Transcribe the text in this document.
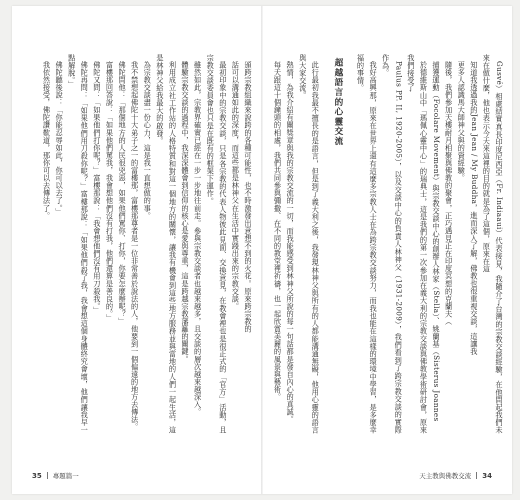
頒跨宗教組織來說跨的各種可能性，也不時激發出意想不到的火花。原來跨宗教的

話可以溝通如此的深度，而這些都是林神父在生活中實踐出來的宗教交談。

最初印象中的宗教交談，只是各宗教的代表人物彼此見面、交換意見，在教會裡也是很正式的「官方」活動，且宗教交談委員會也只是在既有的框架下運作。

雖然如此，宗教界確實已經在一步一步地往前走。參與宗教交談者也越來越多，且交談的層次越來越深入。

體驗宗教交談的過程中，我深深體會到信仰的核心是愛與尊重，這是跨越宗教藩籬的關鍵。

利用成立社工作站的人格特質和對這一個地方的關懷，讓我有機會到這些地方服務並與當地的人們一起生活，這是林神父給我最大的啟發。

為宗教交談盡一份心力，這是我一直想做的事。

我不禁想起佛陀十大弟子之一的富樓那，富樓那尊者是一位非常善於說法的人，他要到一個偏遠的地方去傳法。

佛陀問他：「那個地方的人民很兇惡，如果他們罵你、打你，你要怎麼辦呢？」

富樓那回答說：「如果他們罵我，我會想他們沒有打我，他們還算是善良的。」

佛陀又問：「如果他們打你呢？」富樓那說：「我會想他們沒有用刀殺我。」

佛陀再問：「如果他們用刀殺你呢？」富樓那說：「如果他們殺了我，我會想這個身體終究會壞，他們讓我早一點解脫。」

佛陀聽後說：「你能忍辱如此，你可以去了。」

我依然接受，佛陀讚歎道，那你可以去傳法了。

35 專題篇一

Gusvé）相處結實真長印度尼西亞（Fr. Indiaaui）代表接見，我隨介了台灣的宗教交談經驗，在他問起我們未來在做什麼，他也表示今天來這裡的目的就是為了這個，原來在這

知道我透過我的Jean Jean / My Buddha，進而深入了解，佛教也很重視交談，這讓我

更多人認識馬大師神父與的資經驗。

隨後，我們參加天樓耐月相聚與佛教的聚會，正巧遇見正在印度冥想的克蘭夫（

捕獲運動（Focolare Movement）與宗教交談中心的創辦人林家（Stella）、姚蘭基（Sisterus Joannes

於德維斯山中「瑪佩心靈中心」的瑞典士，這是我們的第一次參加在義大利的宗教交談與佛教學術研討會，原來我們接受了

Paulus PP. II, 1920-2005），以及交談中心的負責人林神父（1931-2009），我們看到了跨宗教交談的實際作為。

我好高興那，原來在世界上還有這麼多宗教人士在為跨宗教交談努力，而我也能在這樣的環境中學習，是多麼幸福的事情。

超越語言的心靈交流

此行最初我最不擅長的是語言，但是到了義大利之後，我發現林神父與所有的人都能溝通無礙，他用心靈的語言與大家交流。

熱情，為我介紹有關獎章與我的宗教交流的一切，而我能感受到林神父所說的每一句話都是發自內心的真誠。

每天跟這十個鐘頭的相處，我們共同參與彌撒、在不同的教堂裡祈禱，也一起欣賞美麗的風景與藝術。

天主教與佛教交流 34
